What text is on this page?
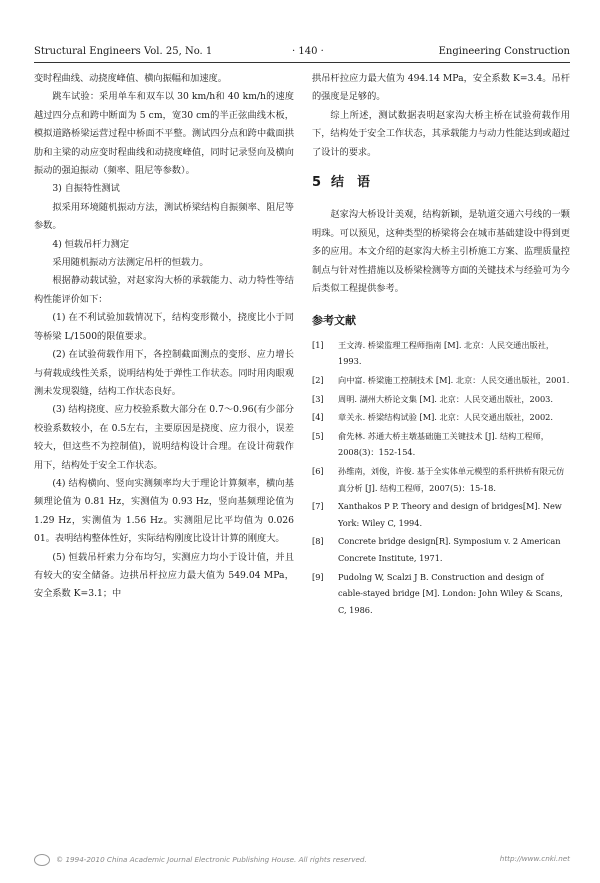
Structural Engineers Vol. 25, No. 1	· 140 ·	Engineering Construction

变时程曲线、动挠度峰值、横向振幅和加速度。

跳车试验：采用单车和双车以 30 km/h和 40 km/h的速度越过四分点和跨中断面为 5 cm，宽30 cm的半正弦曲线木板，模拟道路桥梁运营过程中桥面不平整。测试四分点和跨中截面拱肋和主梁的动应变时程曲线和动挠度峰值，同时记录竖向及横向振动的强迫振动（频率、阻尼等参数）。

3) 自振特性测试

拟采用环境随机振动方法，测试桥梁结构自振频率、阻尼等参数。

4) 恒载吊杆力测定

采用随机振动方法测定吊杆的恒载力。

根据静动载试验，对赵家沟大桥的承载能力、动力特性等结构性能评价如下：

(1) 在不利试验加载情况下，结构变形微小，挠度比小于同等桥梁 L/1500的限值要求。

(2) 在试验荷载作用下，各控制截面测点的变形、应力增长与荷载成线性关系，说明结构处于弹性工作状态。同时用肉眼观测未发现裂缝，结构工作状态良好。

(3) 结构挠度、应力校验系数大部分在 0.7～0.96(有少部分校验系数较小，在 0.5左右，主要原因是挠度、应力很小，误差较大，但这些不为控制值)，说明结构设计合理。在设计荷载作用下，结构处于安全工作状态。

(4) 结构横向、竖向实测频率均大于理论计算频率，横向基频理论值为 0.81 Hz，实测值为 0.93 Hz，竖向基频理论值为 1.29 Hz，实测值为 1.56 Hz。实测阻尼比平均值为 0.026 01。表明结构整体性好，实际结构刚度比设计计算的刚度大。

(5) 恒载吊杆索力分布均匀，实测应力均小于设计值，并且有较大的安全储备。边拱吊杆拉应力最大值为 549.04 MPa，安全系数 K=3.1；中

拱吊杆拉应力最大值为 494.14 MPa，安全系数 K=3.4。吊杆的强度是足够的。

综上所述，测试数据表明赵家沟大桥主桥在试验荷载作用下，结构处于安全工作状态，其承载能力与动力性能达到或超过了设计的要求。

5 结　语

赵家沟大桥设计美观，结构新颖，是轨道交通六号线的一颗明珠。可以预见，这种类型的桥梁将会在城市基础建设中得到更多的应用。本文介绍的赵家沟大桥主引桥施工方案、监理质量控制点与针对性措施以及桥梁检测等方面的关键技术与经验可为今后类似工程提供参考。

参考文献
[1]	王文涛. 桥梁监理工程师指南 [M]. 北京：人民交通出版社，1993.
[2]	向中富. 桥梁施工控制技术 [M]. 北京：人民交通出版社，2001.
[3]	周明. 湖州大桥论文集 [M]. 北京：人民交通出版社，2003.
[4]	章关永. 桥梁结构试验 [M]. 北京：人民交通出版社，2002.
[5]	俞先林. 苏通大桥主墩基础施工关键技术 [J]. 结构工程师，2008(3)：152-154.
[6]	孙维南，刘俊，许俊. 基于全实体单元模型的系杆拱桥有限元仿真分析 [J]. 结构工程师，2007(5)：15-18.
[7]	Xanthakos P P. Theory and design of bridges[M]. New York: Wiley C, 1994.
[8]	Concrete bridge design[R]. Symposium v. 2 American Concrete Institute, 1971.
[9]	Pudolng W, Scalzi J B. Construction and design of cable-stayed bridge [M]. London: John Wiley & Scans, C, 1986.
© 1994-2010 China Academic Journal Electronic Publishing House. All rights reserved.	http://www.cnki.net
